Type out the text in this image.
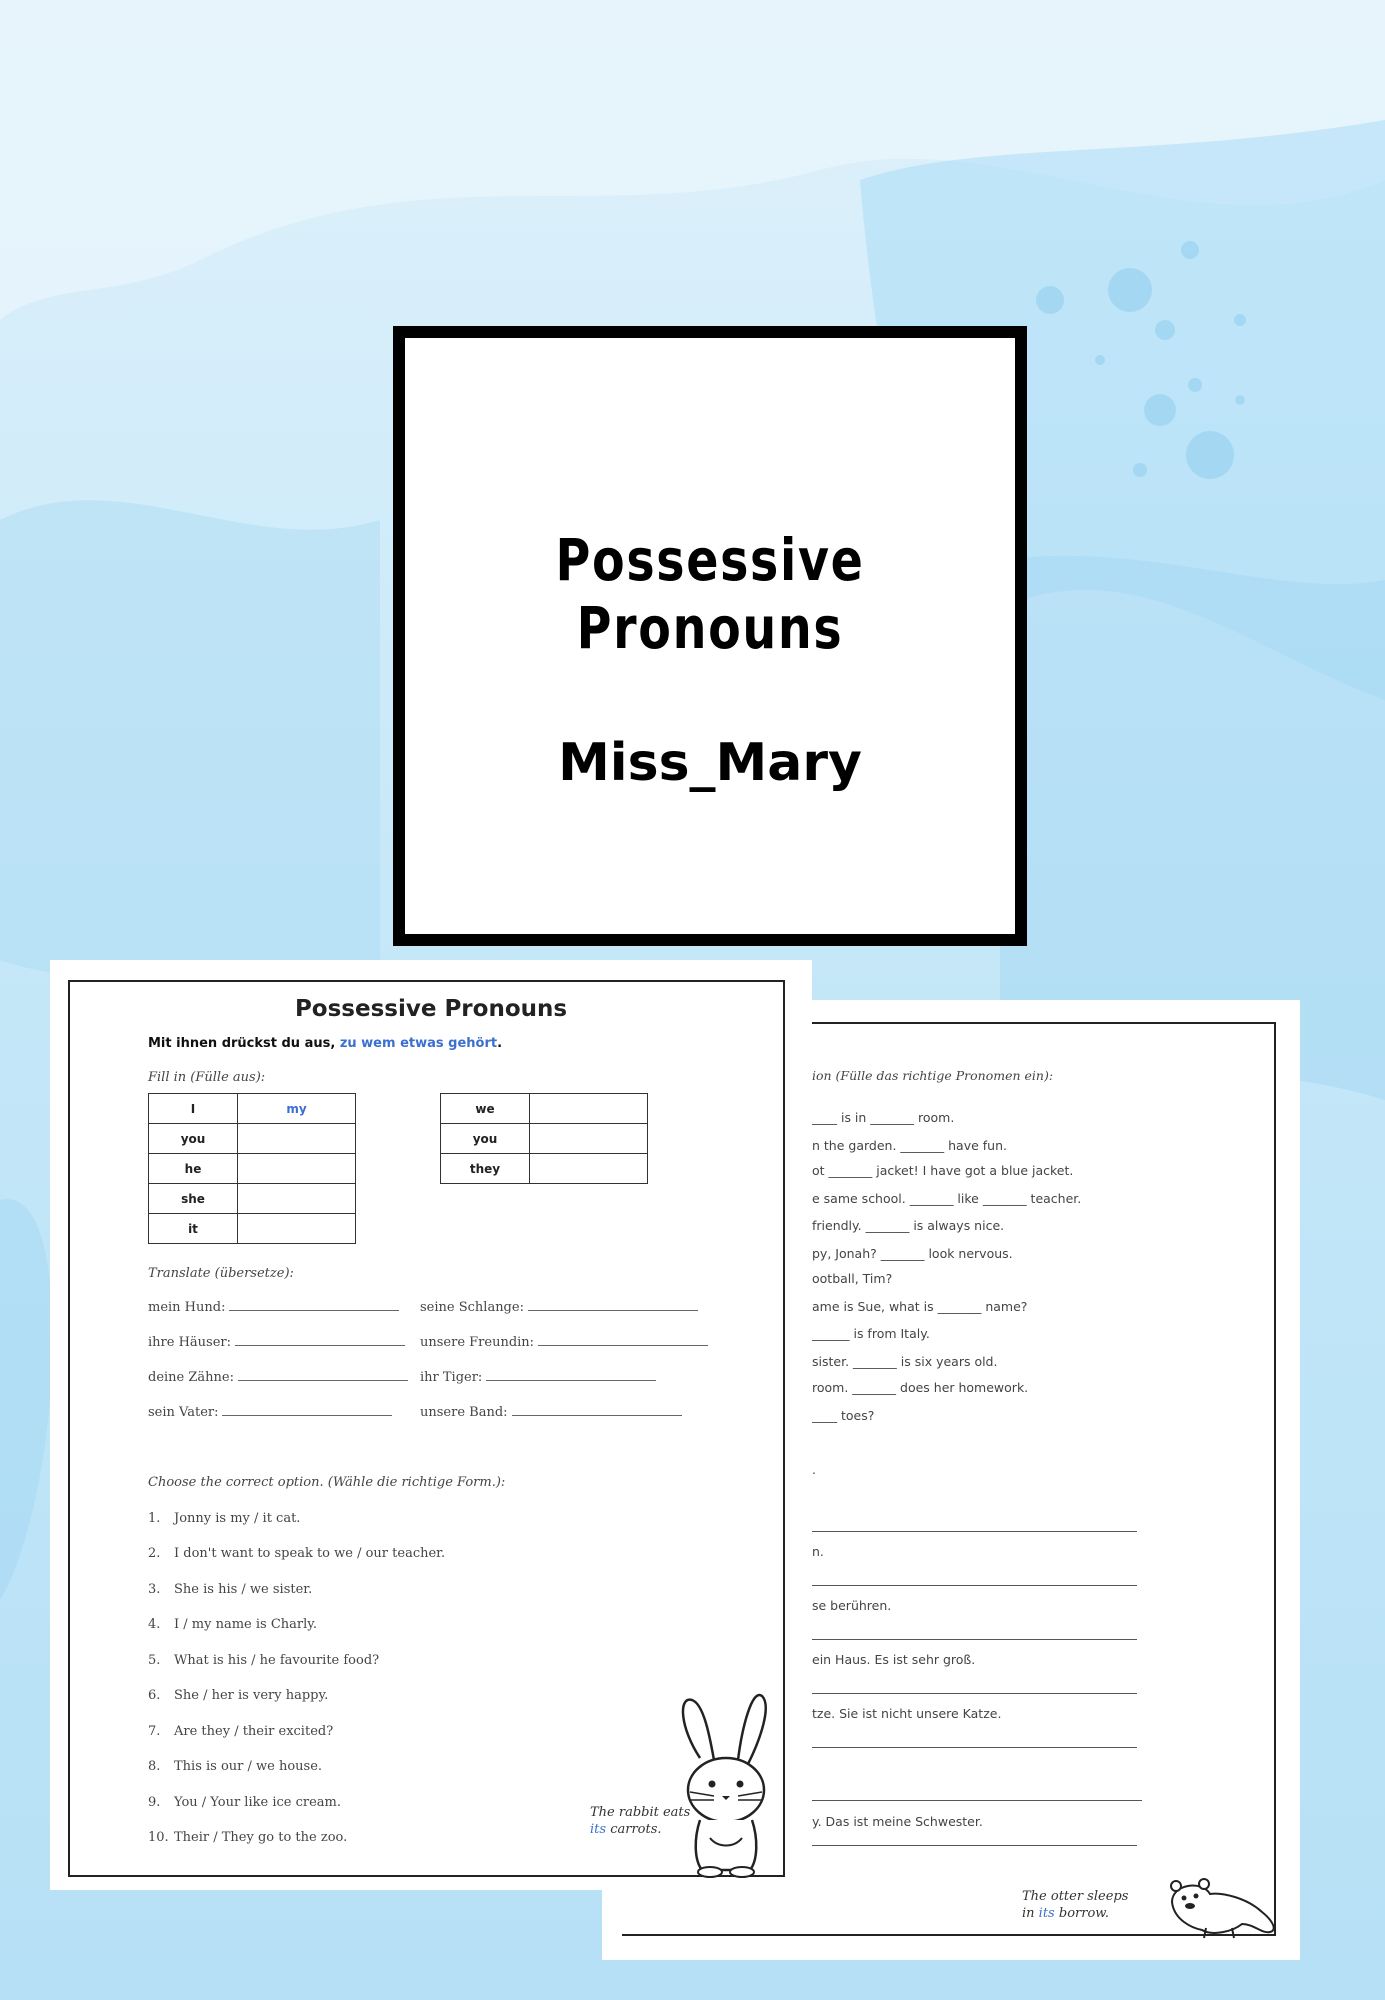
Possessive Pronouns
Miss_Mary
ion (Fülle das richtige Pronomen ein):
____ is in _______ room.
n the garden. _______ have fun.
ot _______ jacket! I have got a blue jacket.
e same school. _______ like _______ teacher.
friendly. _______ is always nice.
py, Jonah? _______ look nervous.
ootball, Tim?
ame is Sue, what is _______ name?
______ is from Italy.
sister. _______ is six years old.
room. _______ does her homework.
____ toes?
.
n.
se berühren.
ein Haus. Es ist sehr groß.
tze. Sie ist nicht unsere Katze.
y. Das ist meine Schwester.
The otter sleeps
in its borrow.
Possessive Pronouns
Mit ihnen drückst du aus, zu wem etwas gehört.
Fill in (Fülle aus):
I	my
you	
he	
she	
it	
we	
you	
they	
Translate (übersetze):
mein Hund:	seine Schlange:
ihre Häuser:	unsere Freundin:
deine Zähne:	ihr Tiger:
sein Vater:	unsere Band:
Choose the correct option. (Wähle die richtige Form.):
1. Jonny is my / it cat.
2. I don't want to speak to we / our teacher.
3. She is his / we sister.
4. I / my name is Charly.
5. What is his / he favourite food?
6. She / her is very happy.
7. Are they / their excited?
8. This is our / we house.
9. You / Your like ice cream.
10. Their / They go to the zoo.
The rabbit eats
its carrots.
